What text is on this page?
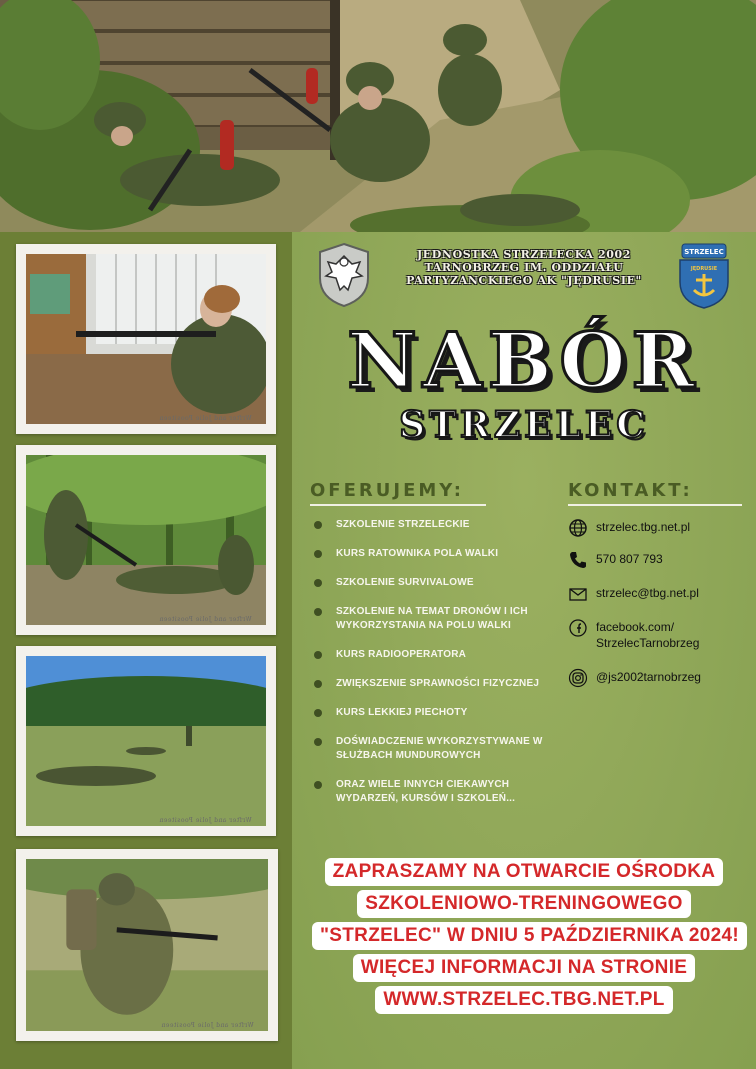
Wrfter and Jolie Poositeen
Wrfter and Jolie Poositeen
Wrfter and Jolie Poositeen
Wrfter and Jolie Poositeen
JEDNOSTKA STRZELECKA 2002
TARNOBRZEG IM. ODDZIAŁU
PARTYZANCKIEGO AK "JĘDRUSIE"
STRZELEC
JĘDRUSIE
NABÓR
STRZELEC
OFERUJEMY:	KONTAKT:
SZKOLENIE STRZELECKIE
KURS RATOWNIKA POLA WALKI
SZKOLENIE SURVIVALOWE
SZKOLENIE NA TEMAT DRONÓW I ICH WYKORZYSTANIA NA POLU WALKI
KURS RADIOOPERATORA
ZWIĘKSZENIE SPRAWNOŚCI FIZYCZNEJ
KURS LEKKIEJ PIECHOTY
DOŚWIADCZENIE WYKORZYSTYWANE W SŁUŻBACH MUNDUROWYCH
ORAZ WIELE INNYCH CIEKAWYCH WYDARZEŃ, KURSÓW I SZKOLEŃ...
strzelec.tbg.net.pl
570 807 793
strzelec@tbg.net.pl
facebook.com/
StrzelecTarnobrzeg
@js2002tarnobrzeg
ZAPRASZAMY NA OTWARCIE OŚRODKA
SZKOLENIOWO-TRENINGOWEGO
"STRZELEC" W DNIU 5 PAŹDZIERNIKA 2024!
WIĘCEJ INFORMACJI NA STRONIE
WWW.STRZELEC.TBG.NET.PL
